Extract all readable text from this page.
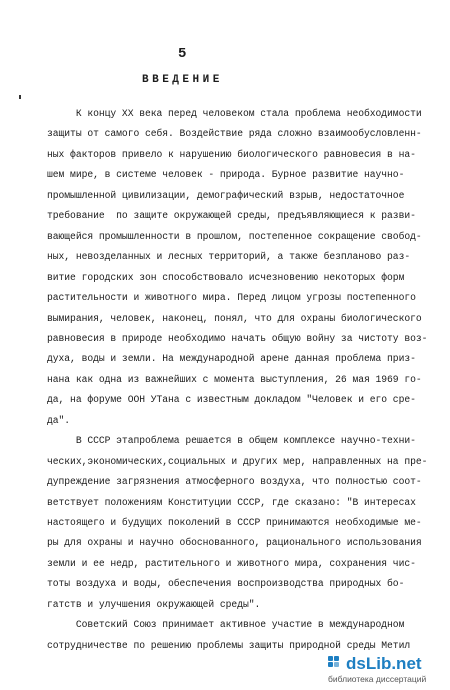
5
ВВЕДЕНИЕ
К концу XX века перед человеком стала проблема необходимости
защиты от самого себя. Воздействие ряда сложно взаимообусловленн-
ных факторов привело к нарушению биологического равновесия в на-
шем мире, в системе человек - природа. Бурное развитие научно-
промышленной цивилизации, демографический взрыв, недостаточное
требование  по защите окружающей среды, предъявляющиеся к разви-
вающейся промышленности в прошлом, постепенное сокращение свобод-
ных, невозделанных и лесных территорий, а также безпланово раз-
витие городских зон способствовало исчезновению некоторых форм
растительности и животного мира. Перед лицом угрозы постепенного
вымирания, человек, наконец, понял, что для охраны биологического
равновесия в природе необходимо начать общую войну за чистоту воз-
духа, воды и земли. На международной арене данная проблема приз-
нана как одна из важнейших с момента выступления, 26 мая 1969 го-
да, на форуме ООН УТана с известным докладом "Человек и его сре-
да".
В СССР этапроблема решается в общем комплексе научно-техни-
ческих,экономических,социальных и других мер, направленных на пре-
дупреждение загрязнения атмосферного воздуха, что полностью соот-
ветствует положениям Конституции СССР, где сказано: "В интересах
настоящего и будущих поколений в СССР принимаются необходимые ме-
ры для охраны и научно обоснованного, рационального использования
земли и ее недр, растительного и животного мира, сохранения чис-
тоты воздуха и воды, обеспечения воспроизводства природных бо-
гатств и улучшения окружающей среды".
Советский Союз принимает активное участие в международном
сотрудничестве по решению проблемы защиты природной среды Метил
dsLib.net
библиотека диссертаций
